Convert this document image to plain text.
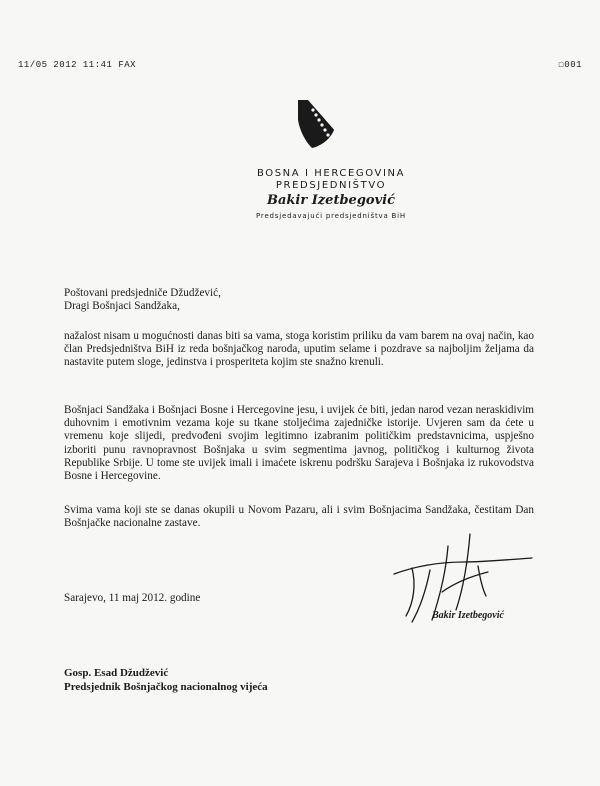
11/05 2012 11:41 FAX	☐001
BOSNA I HERCEGOVINA
PREDSJEDNIŠTVO
Bakir Izetbegović
Predsjedavajući predsjedništva BiH
Poštovani predsjedniče Džudžević,
Dragi Bošnjaci Sandžaka,
nažalost nisam u mogućnosti danas biti sa vama, stoga koristim priliku da vam barem na ovaj način, kao član Predsjedništva BiH iz reda bošnjačkog naroda, uputim selame i pozdrave sa najboljim željama da nastavite putem sloge, jedinstva i prosperiteta kojim ste snažno krenuli.
Bošnjaci Sandžaka i Bošnjaci Bosne i Hercegovine jesu, i uvijek će biti, jedan narod vezan neraskidivim duhovnim i emotivnim vezama koje su tkane stoljećima zajedničke istorije. Uvjeren sam da ćete u vremenu koje slijedi, predvođeni svojim legitimno izabranim političkim predstavnicima, uspješno izboriti punu ravnopravnost Bošnjaka u svim segmentima javnog, političkog i kulturnog života Republike Srbije. U tome ste uvijek imali i imaćete iskrenu podršku Sarajeva i Bošnjaka iz rukovodstva Bosne i Hercegovine.
Svima vama koji ste se danas okupili u Novom Pazaru, ali i svim Bošnjacima Sandžaka, čestitam Dan Bošnjačke nacionalne zastave.
Sarajevo, 11 maj 2012. godine
Bakir Izetbegović
Gosp. Esad Džudžević
Predsjednik Bošnjačkog nacionalnog vijeća
